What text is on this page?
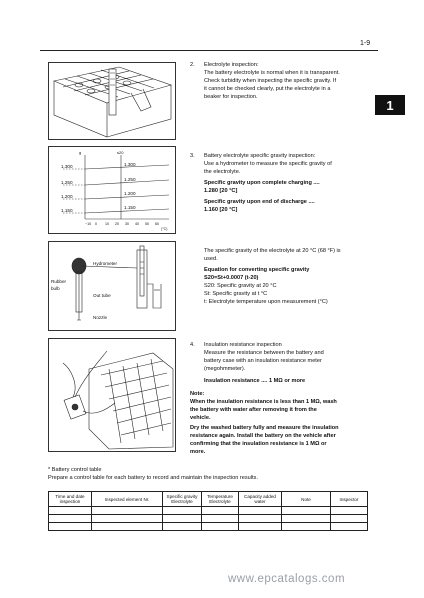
1-9
1
2. Electrolyte inspection:
The battery electrolyte is normal when it is transparent.
Check turbidity when inspecting the specific gravity. If
it cannot be checked clearly, put the electrolyte in a
beaker for inspection.
g	s20
1.300
1.250
1.200
1.150
1.300
1.250
1.200
1.150
−10 0 10 20 30 40 50 60
(°C)
3. Battery electrolyte specific gravity inspection:
Use a hydrometer to measure the specific gravity of
the electrolyte.
Specific gravity upon complete charging ....
1.280 [20 °C]
Specific gravity upon end of discharge ....
1.160 [20 °C]
Hydrometer
Rubber bulb
Out tube
Nozzle
The specific gravity of the electrolyte at 20 °C (68 °F) is
used.
Equation for converting specific gravity
S20=St+0.0007 (t-20)
S20: Specific gravity at 20 °C
St: Specific gravity at t °C
t: Electrolyte temperature upon measurement (°C)
4. Insulation resistance inspection
Measure the resistance between the battery and
battery case with an insulation resistance meter
(megohmmeter).
Insulation resistance .... 1 MΩ or more
Note:
When the insulation resistance is less than 1 MΩ, wash
the battery with water after removing it from the
vehicle.
Dry the washed battery fully and measure the insulation
resistance again. Install the battery on the vehicle after
confirming that the insulation resistance is 1 MΩ or
more.
* Battery control table
Prepare a control table for each battery to record and maintain the inspection results.
Time and date inspection	Inspected element Nr.	Specific gravity Electrolyte	Temperature Electrolyte	Capacity added water	Note	Inspector

www.epcatalogs.com
